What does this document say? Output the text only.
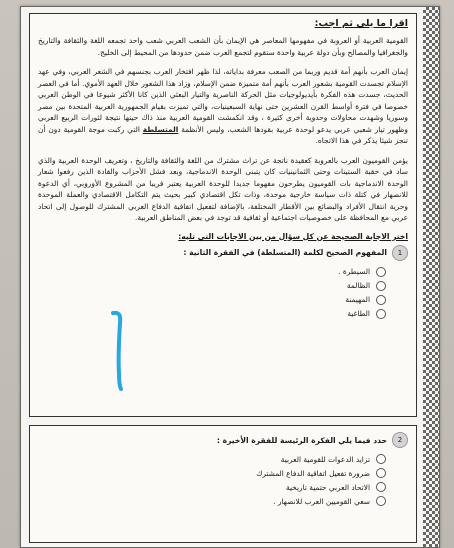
اقرا ما يلي ثم اجب:

القومية العربية أو العروبة في مفهومها المعاصر هي الإيمان بأن الشعب العربي شعب واحد تجمعه اللغة والثقافة والتاريخ والجغرافيا والمصالح وبأن دولة عربية واحدة ستقوم لتجمع العرب ضمن حدودها من المحيط إلى الخليج.

إيمان العرب بأنهم أمة قديم وربما من الصعب معرفة بداياته، لذا ظهر افتخار العرب بجنسهم في الشعر العربي، وفي عهد الإسلام تجسدت القومية بشعور العرب بأنهم أمة متميزة ضمن الإسلام، وزاد هذا الشعور خلال العهد الأموي. أما في العصر الحديث، جسدت هذه الفكرة بأيديولوجيات مثل الحركة الناصرية والتيار البعثي الذين كانا الأكثر شيوعا في الوطن العربي خصوصا في فترة أواسط القرن العشرين حتى نهاية السبعينيات، والتي تميزت بقيام الجمهورية العربية المتحدة بين مصر وسوريا وشهدت محاولات وحدوية أخرى كثيرة ، وقد انكمشت القومية العربية منذ ذاك حينها نتيجة لثورات الربيع العربي وظهور تيار شعبي عربي يدعو لوحدة عربية بقودها الشعب، وليس الأنظمة المتسلطة التي ركبت موجة القومية دون أن تنجز شيئا يذكر في هذا الاتجاه.

يؤمن القوميون العرب بالعروبة كعقيدة ناتجة عن تراث مشترك من اللغة والثقافة والتاريخ ، وتعريف الوحدة العربية والذي ساد في حقبة الستينات وحتى الثمانينيات كان يتبنى الوحدة الاندماجية، وبعد فشل الأحزاب والقادة الذين رفعوا شعار الوحدة الاندماجية بات القوميون يطرحون مفهوما جديدا للوحدة العربية يعتبر قريبا من المشروع الأوروبي، أي الدعوة للانصهار في كتلة ذات سياسة خارجية موحدة، وذات تكل اقتصادي كبير بحيث يتم التكامل الاقتصادي والعملة الموحدة وحرية انتقال الأفراد والبضائع بين الأقطار المختلفة، بالإضافة لتفعيل اتفاقية الدفاع العربي المشترك للوصول إلى اتحاد عربي مع المحافظة على خصوصيات اجتماعية أو ثقافية قد توجد في بعض المناطق العربية.

اختر الاجابة الصحيحة عن كل سؤال من بين الاجابات التي تليه:
1
المفهوم الصحيح لكلمة (المتسلطة) في الفقرة الثانية :
السيطرة .
الظالمة
المهيمنة
الطاغية
2
حدد فيما يلي الفكرة الرئيسة للفقرة الأخيرة :
تزايد الدعوات للقومية العربية
ضرورة تفعيل اتفاقية الدفاع المشترك
الاتحاد العربي حتمية تاريخية
سعي القوميين العرب للانصهار .
